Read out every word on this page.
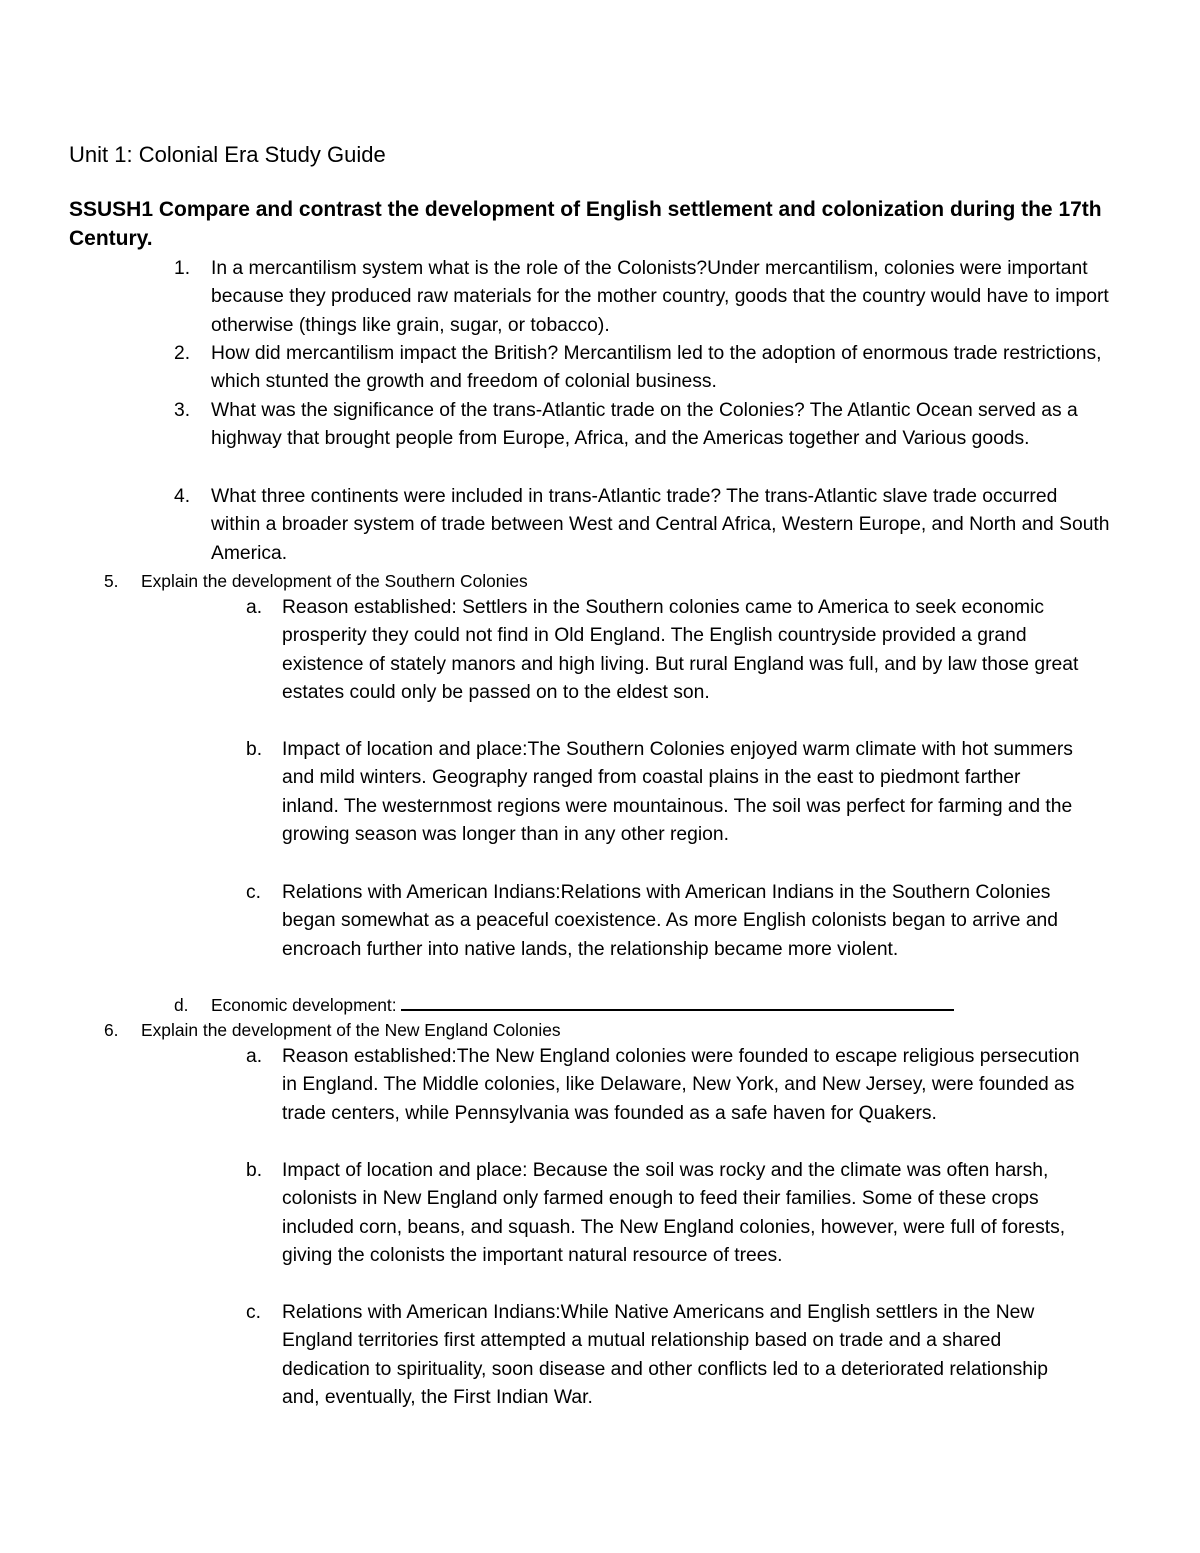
Unit 1: Colonial Era Study Guide
SSUSH1 Compare and contrast the development of English settlement and colonization during the 17th Century.
1. In a mercantilism system what is the role of the Colonists?Under mercantilism, colonies were important because they produced raw materials for the mother country, goods that the country would have to import otherwise (things like grain, sugar, or tobacco).
2. How did mercantilism impact the British? Mercantilism led to the adoption of enormous trade restrictions, which stunted the growth and freedom of colonial business.
3. What was the significance of the trans-Atlantic trade on the Colonies? The Atlantic Ocean served as a highway that brought people from Europe, Africa, and the Americas together and Various goods.
4. What three continents were included in trans-Atlantic trade? The trans-Atlantic slave trade occurred within a broader system of trade between West and Central Africa, Western Europe, and North and South America.
5. Explain the development of the Southern Colonies
a. Reason established: Settlers in the Southern colonies came to America to seek economic prosperity they could not find in Old England. The English countryside provided a grand existence of stately manors and high living. But rural England was full, and by law those great estates could only be passed on to the eldest son.
b. Impact of location and place:The Southern Colonies enjoyed warm climate with hot summers and mild winters. Geography ranged from coastal plains in the east to piedmont farther inland. The westernmost regions were mountainous. The soil was perfect for farming and the growing season was longer than in any other region.
c. Relations with American Indians:Relations with American Indians in the Southern Colonies began somewhat as a peaceful coexistence. As more English colonists began to arrive and encroach further into native lands, the relationship became more violent.
d. Economic development:
6. Explain the development of the New England Colonies
a. Reason established:The New England colonies were founded to escape religious persecution in England. The Middle colonies, like Delaware, New York, and New Jersey, were founded as trade centers, while Pennsylvania was founded as a safe haven for Quakers.
b. Impact of location and place: Because the soil was rocky and the climate was often harsh, colonists in New England only farmed enough to feed their families. Some of these crops included corn, beans, and squash. The New England colonies, however, were full of forests, giving the colonists the important natural resource of trees.
c. Relations with American Indians:While Native Americans and English settlers in the New England territories first attempted a mutual relationship based on trade and a shared dedication to spirituality, soon disease and other conflicts led to a deteriorated relationship and, eventually, the First Indian War.
